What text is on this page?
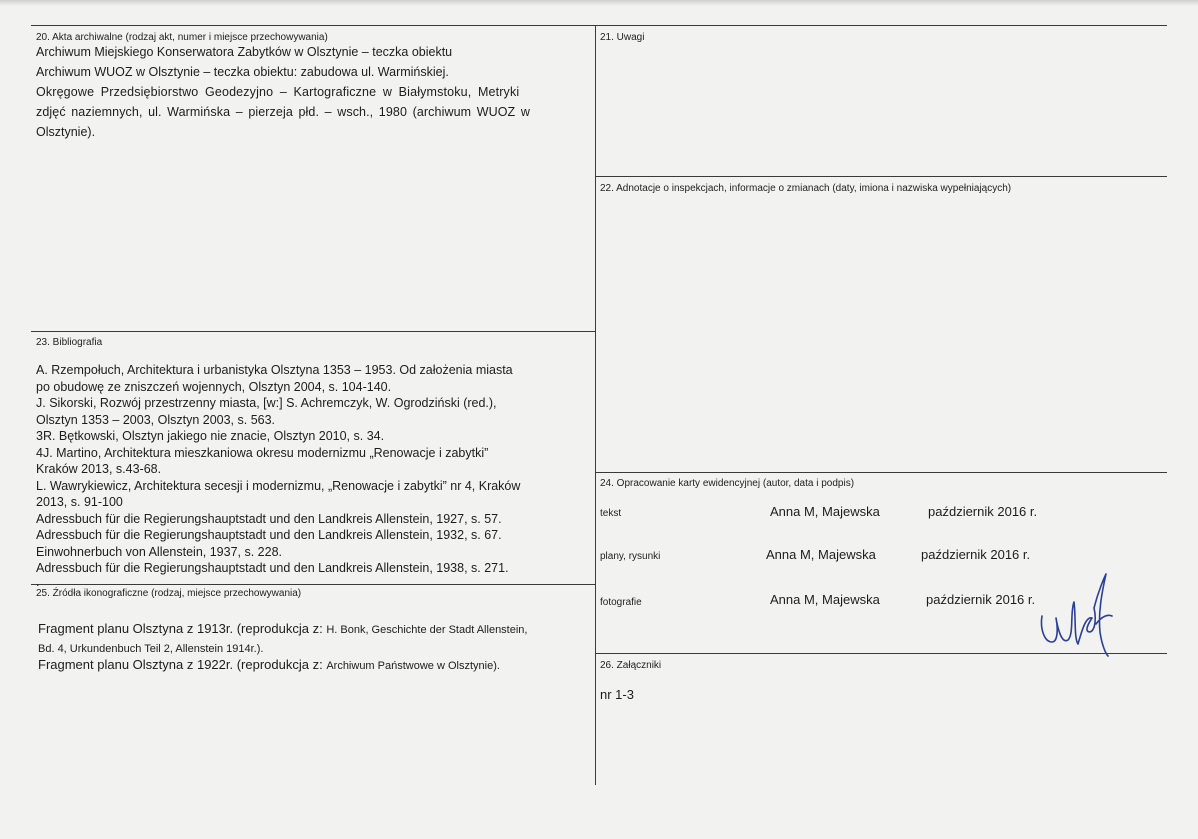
20. Akta archiwalne (rodzaj akt, numer i miejsce przechowywania)
Archiwum Miejskiego Konserwatora Zabytków w Olsztynie – teczka obiektu
Archiwum WUOZ w Olsztynie – teczka obiektu: zabudowa ul. Warmińskiej.
Okręgowe Przedsiębiorstwo Geodezyjno – Kartograficzne w Białymstoku, Metryki
zdjęć naziemnych, ul. Warmińska – pierzeja płd. – wsch., 1980 (archiwum WUOZ w
Olsztynie).
21. Uwagi
22. Adnotacje o inspekcjach, informacje o zmianach (daty, imiona i nazwiska wypełniających)
23. Bibliografia
A. Rzempołuch, Architektura i urbanistyka Olsztyna 1353 – 1953. Od założenia miasta
po obudowę ze zniszczeń wojennych, Olsztyn 2004, s. 104-140.
J. Sikorski, Rozwój przestrzenny miasta, [w:] S. Achremczyk, W. Ogrodziński (red.),
Olsztyn 1353 – 2003, Olsztyn 2003, s. 563.
3R. Bętkowski, Olsztyn jakiego nie znacie, Olsztyn 2010, s. 34.
4J. Martino, Architektura mieszkaniowa okresu modernizmu „Renowacje i zabytki”
Kraków 2013, s.43-68.
L. Wawrykiewicz, Architektura secesji i modernizmu, „Renowacje i zabytki” nr 4, Kraków
2013, s. 91-100
Adressbuch für die Regierungshauptstadt und den Landkreis Allenstein, 1927, s. 57.
Adressbuch für die Regierungshauptstadt und den Landkreis Allenstein, 1932, s. 67.
Einwohnerbuch von Allenstein, 1937, s. 228.
Adressbuch für die Regierungshauptstadt und den Landkreis Allenstein, 1938, s. 271.
.
24. Opracowanie karty ewidencyjnej (autor, data i podpis)
tekst	Anna M, Majewska	październik 2016 r.
plany, rysunki	Anna M, Majewska	październik 2016 r.
fotografie	Anna M, Majewska	październik 2016 r.
25. Źródła ikonograficzne (rodzaj, miejsce przechowywania)
Fragment planu Olsztyna z 1913r. (reprodukcja z: H. Bonk, Geschichte der Stadt Allenstein,
Bd. 4, Urkundenbuch Teil 2, Allenstein 1914r.).
Fragment planu Olsztyna z 1922r. (reprodukcja z: Archiwum Państwowe w Olsztynie).	26. Załączniki
nr 1-3
